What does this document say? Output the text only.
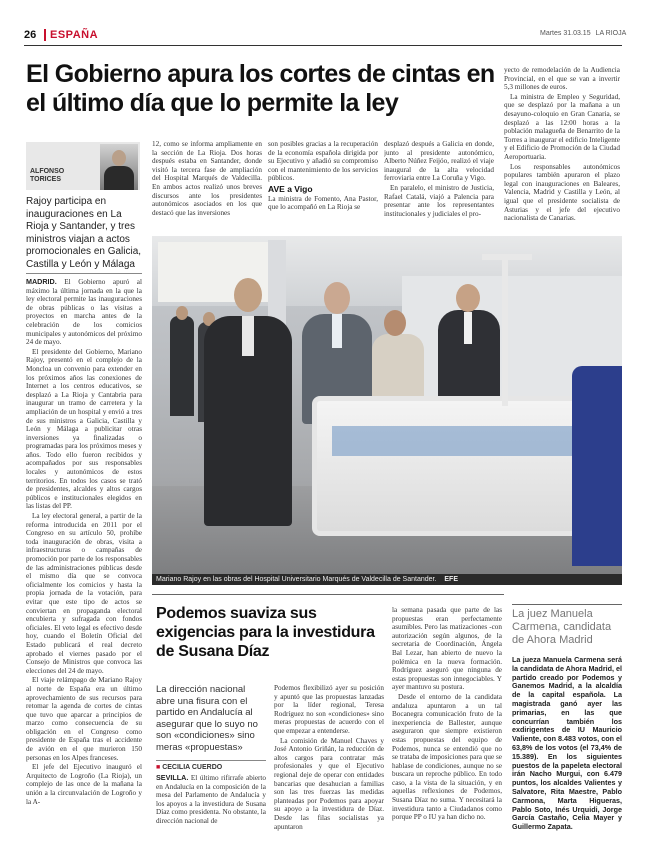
26 ESPAÑA	Martes 31.03.15 LA RIOJA
El Gobierno apura los cortes de cintas en el último día que lo permite la ley
ALFONSO TORICES
Rajoy participa en inauguraciones en La Rioja y Santander, y tres ministros viajan a actos promocionales en Galicia, Castilla y León y Málaga

MADRID. El Gobierno apuró al máximo la última jornada en la que la ley electoral permite las inauguraciones de obras públicas o las visitas a proyectos en marcha antes de la celebración de los comicios municipales y autonómicos del próximo 24 de mayo.

El presidente del Gobierno, Mariano Rajoy, presentó en el complejo de la Moncloa un convenio para extender en los próximos años las conexiones de Internet a los centros educativos, se desplazó a La Rioja y Cantabria para inaugurar un tramo de carretera y la ampliación de un hospital y envió a tres de sus ministros a Galicia, Castilla y León y Málaga a publicitar otras inversiones ya finalizadas o programadas para los próximos meses y años. Todo ello fueron recibidos y acompañados por sus responsables locales y autonómicos de estos territorios. En todos los casos se trató de presidentes, alcaldes y altos cargos públicos e institucionales elegidos en las listas del PP.

La ley electoral general, a partir de la reforma introducida en 2011 por el Congreso en su artículo 50, prohíbe toda inauguración de obras, visita a infraestructuras o campañas de promoción por parte de los responsables de las administraciones públicas desde el mismo día que se convoca oficialmente los comicios y hasta la propia jornada de la votación, para evitar que este tipo de actos se conviertan en propaganda electoral encubierta y sufragada con fondos oficiales. El veto legal es efectivo desde hoy, cuando el Boletín Oficial del Estado publicará el real decreto aprobado el viernes pasado por el Consejo de Ministros que convoca las elecciones del 24 de mayo.

El viaje relámpago de Mariano Rajoy al norte de España era un último aprovechamiento de sus recursos para retomar la agenda de cortes de cintas que tuvo que aparcar a principios de marzo como consecuencia de su obligación en el Congreso como presidente de España tras el accidente de avión en el que murieron 150 personas en los Alpes franceses.

El jefe del Ejecutivo inauguró el Arquitecto de Logroño (La Rioja), un complejo de las once de la mañana la unión a la circunvalación de Logroño y la A-

12, como se informa ampliamente en la sección de La Rioja. Dos horas después estaba en Santander, donde visitó la tercera fase de ampliación del Hospital Marqués de Valdecilla. En ambos actos realizó unos breves discursos ante los presidentes autonómicos asociados en los que destacó que las inversiones

son posibles gracias a la recuperación de la economía española dirigida por su Ejecutivo y añadió su compromiso con el mantenimiento de los servicios públicos.

AVE a Vigo

La ministra de Fomento, Ana Pastor, que lo acompañó en La Rioja se

desplazó después a Galicia en donde, junto al presidente autonómico, Alberto Núñez Feijóo, realizó el viaje inaugural de la alta velocidad ferroviaria entre La Coruña y Vigo.

En paralelo, el ministro de Justicia, Rafael Catalá, viajó a Palencia para presentar ante los representantes institucionales y judiciales el pro-

yecto de remodelación de la Audiencia Provincial, en el que se van a invertir 5,3 millones de euros.

La ministra de Empleo y Seguridad, que se desplazó por la mañana a un desayuno-coloquio en Gran Canaria, se desplazó a las 12:00 horas a la población malagueña de Benarrito de la Torres a inaugurar el edificio Inteligente y el Edificio de Promoción de la Ciudad Aeroportuaria.

Los responsables autonómicos populares también apuraron el plazo legal con inauguraciones en Baleares, Valencia, Madrid y Castilla y León, al igual que el presidente socialista de Asturias y el jefe del ejecutivo nacionalista de Canarias.

Mariano Rajoy en las obras del Hospital Universitario Marqués de Valdecilla de Santander. EFE
Podemos suaviza sus exigencias para la investidura de Susana Díaz
La dirección nacional abre una fisura con el partido en Andalucía al asegurar que lo suyo no son «condiciones» sino meras «propuestas»
■ CECILIA CUERDO

SEVILLA. El último rifirrafe abierto en Andalucía en la composición de la mesa del Parlamento de Andalucía y los apoyos a la investidura de Susana Díaz como presidenta. No obstante, la dirección nacional de

Podemos flexibilizó ayer su posición y apuntó que las propuestas lanzadas por la líder regional, Teresa Rodríguez no son «condiciones» sino meras propuestas de acuerdo con el que empezar a entenderse.

La comisión de Manuel Chaves y José Antonio Griñán, la reducción de altos cargos para contratar más profesionales y que el Ejecutivo regional deje de operar con entidades bancarias que desahucian a familias son las tres fuerzas las medidas planteadas por Podemos para apoyar su apoyo a la investidura de Díaz. Desde las filas socialistas ya apuntaron

la semana pasada que parte de las propuestas eran perfectamente asumibles. Pero las matizaciones -con autorización según algunos, de la secretaria de Coordinación, Ángela Bal Lezar, han abierto de nuevo la polémica en la nueva formación. Rodríguez aseguró que ninguna de estas propuestas son innegociables. Y ayer mantuvo su postura.

Desde el entorno de la candidata andaluza apuntaron a un tal Bocanegra comunicación fruto de la inexperiencia de Ballester, aunque aseguraron que siempre existieron estas propuestas del equipo de Podemos, nunca se entendió que no se trataba de imposiciones para que se hablase de condiciones, aunque no se buscara un reproche público. En todo caso, a la vista de la situación, y en aquellas reflexiones de Podemos, Susana Díaz no suma. Y necesitará la investidura tanto a Ciudadanos como porque PP o IU ya han dicho no.

La juez Manuela Carmena, candidata de Ahora Madrid

La jueza Manuela Carmena será la candidata de Ahora Madrid, el partido creado por Podemos y Ganemos Madrid, a la alcaldía de la capital española. La magistrada ganó ayer las primarias, en las que concurrían también los exdirigentes de IU Mauricio Valiente, con 8.483 votos, con el 63,8% de los votos (el 73,4% de 15.389). En los siguientes puestos de la papeleta electoral irán Nacho Murgui, con 6.479 puntos, los alcaldes Valientes y Salvatore, Rita Maestre, Pablo Carmona, Marta Higueras, Pablo Soto, Inés Urquidi, Jorge García Castaño, Celia Mayer y Guillermo Zapata.
